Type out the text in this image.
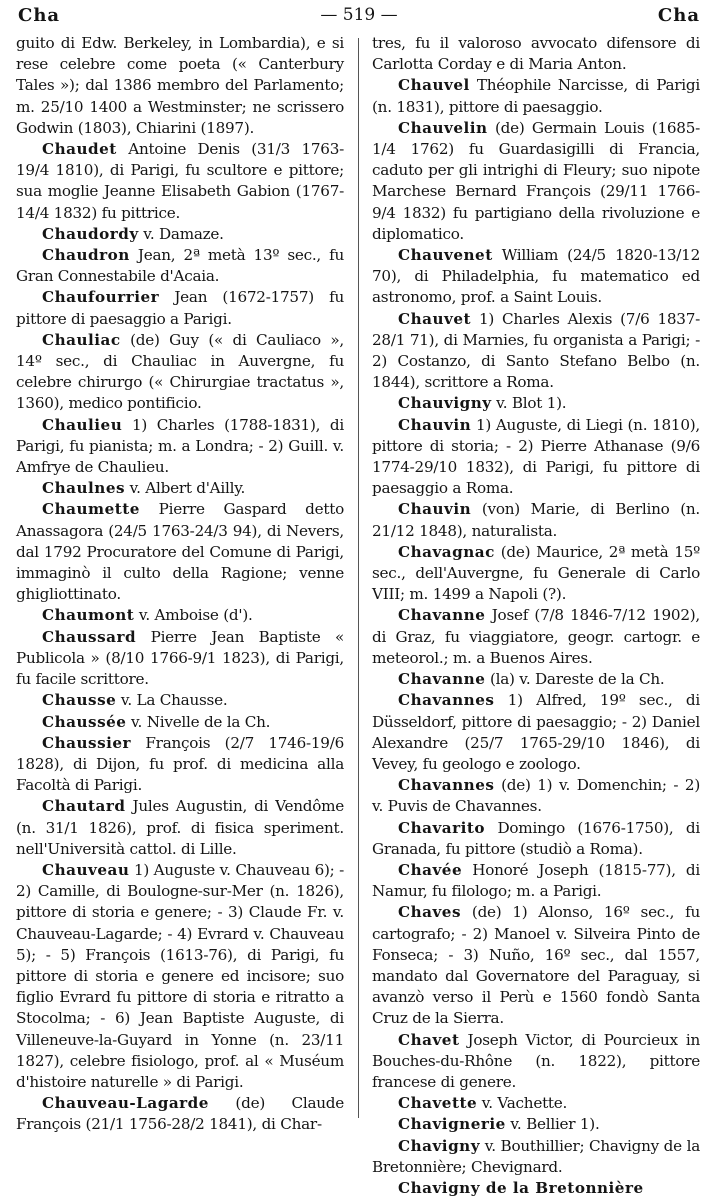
Cha	— 519 —	Cha

guito di Edw. Berkeley, in Lombardia), e si rese celebre come poeta (« Canterbury Tales »); dal 1386 membro del Parlamento; m. 25/10 1400 a Westminster; ne scrissero Godwin (1803), Chiarini (1897).

Chaudet Antoine Denis (31/3 1763-19/4 1810), di Parigi, fu scultore e pittore; sua moglie Jeanne Elisabeth Gabion (1767-14/4 1832) fu pittrice.

Chaudordy v. Damaze.

Chaudron Jean, 2ª metà 13º sec., fu Gran Connestabile d'Acaia.

Chaufourrier Jean (1672-1757) fu pittore di paesaggio a Parigi.

Chauliac (de) Guy (« di Cauliaco », 14º sec., di Chauliac in Auvergne, fu celebre chirurgo (« Chirurgiae tractatus », 1360), medico pontificio.

Chaulieu 1) Charles (1788-1831), di Parigi, fu pianista; m. a Londra; - 2) Guill. v. Amfrye de Chaulieu.

Chaulnes v. Albert d'Ailly.

Chaumette Pierre Gaspard detto Anassagora (24/5 1763-24/3 94), di Nevers, dal 1792 Procuratore del Comune di Parigi, immaginò il culto della Ragione; venne ghigliottinato.

Chaumont v. Amboise (d').

Chaussard Pierre Jean Baptiste « Publicola » (8/10 1766-9/1 1823), di Parigi, fu facile scrittore.

Chausse v. La Chausse.

Chaussée v. Nivelle de la Ch.

Chaussier François (2/7 1746-19/6 1828), di Dijon, fu prof. di medicina alla Facoltà di Parigi.

Chautard Jules Augustin, di Vendôme (n. 31/1 1826), prof. di fisica speriment. nell'Università cattol. di Lille.

Chauveau 1) Auguste v. Chauveau 6); - 2) Camille, di Boulogne-sur-Mer (n. 1826), pittore di storia e genere; - 3) Claude Fr. v. Chauveau-Lagarde; - 4) Evrard v. Chauveau 5); - 5) François (1613-76), di Parigi, fu pittore di storia e genere ed incisore; suo figlio Evrard fu pittore di storia e ritratto a Stocolma; - 6) Jean Baptiste Auguste, di Villeneuve-la-Guyard in Yonne (n. 23/11 1827), celebre fisiologo, prof. al « Muséum d'histoire naturelle » di Parigi.

Chauveau-Lagarde (de) Claude François (21/1 1756-28/2 1841), di Char-

tres, fu il valoroso avvocato difensore di Carlotta Corday e di Maria Anton.

Chauvel Théophile Narcisse, di Parigi (n. 1831), pittore di paesaggio.

Chauvelin (de) Germain Louis (1685-1/4 1762) fu Guardasigilli di Francia, caduto per gli intrighi di Fleury; suo nipote Marchese Bernard François (29/11 1766-9/4 1832) fu partigiano della rivoluzione e diplomatico.

Chauvenet William (24/5 1820-13/12 70), di Philadelphia, fu matematico ed astronomo, prof. a Saint Louis.

Chauvet 1) Charles Alexis (7/6 1837-28/1 71), di Marnies, fu organista a Parigi; - 2) Costanzo, di Santo Stefano Belbo (n. 1844), scrittore a Roma.

Chauvigny v. Blot 1).

Chauvin 1) Auguste, di Liegi (n. 1810), pittore di storia; - 2) Pierre Athanase (9/6 1774-29/10 1832), di Parigi, fu pittore di paesaggio a Roma.

Chauvin (von) Marie, di Berlino (n. 21/12 1848), naturalista.

Chavagnac (de) Maurice, 2ª metà 15º sec., dell'Auvergne, fu Generale di Carlo VIII; m. 1499 a Napoli (?).

Chavanne Josef (7/8 1846-7/12 1902), di Graz, fu viaggiatore, geogr. cartogr. e meteorol.; m. a Buenos Aires.

Chavanne (la) v. Dareste de la Ch.

Chavannes 1) Alfred, 19º sec., di Düsseldorf, pittore di paesaggio; - 2) Daniel Alexandre (25/7 1765-29/10 1846), di Vevey, fu geologo e zoologo.

Chavannes (de) 1) v. Domenchin; - 2) v. Puvis de Chavannes.

Chavarito Domingo (1676-1750), di Granada, fu pittore (studiò a Roma).

Chavée Honoré Joseph (1815-77), di Namur, fu filologo; m. a Parigi.

Chaves (de) 1) Alonso, 16º sec., fu cartografo; - 2) Manoel v. Silveira Pinto de Fonseca; - 3) Nuño, 16º sec., dal 1557, mandato dal Governatore del Paraguay, si avanzò verso il Perù e 1560 fondò Santa Cruz de la Sierra.

Chavet Joseph Victor, di Pourcieux in Bouches-du-Rhône (n. 1822), pittore francese di genere.

Chavette v. Vachette.

Chavignerie v. Bellier 1).

Chavigny v. Bouthillier; Chavigny de la Bretonnière; Chevignard.

Chavigny de la Bretonnière
